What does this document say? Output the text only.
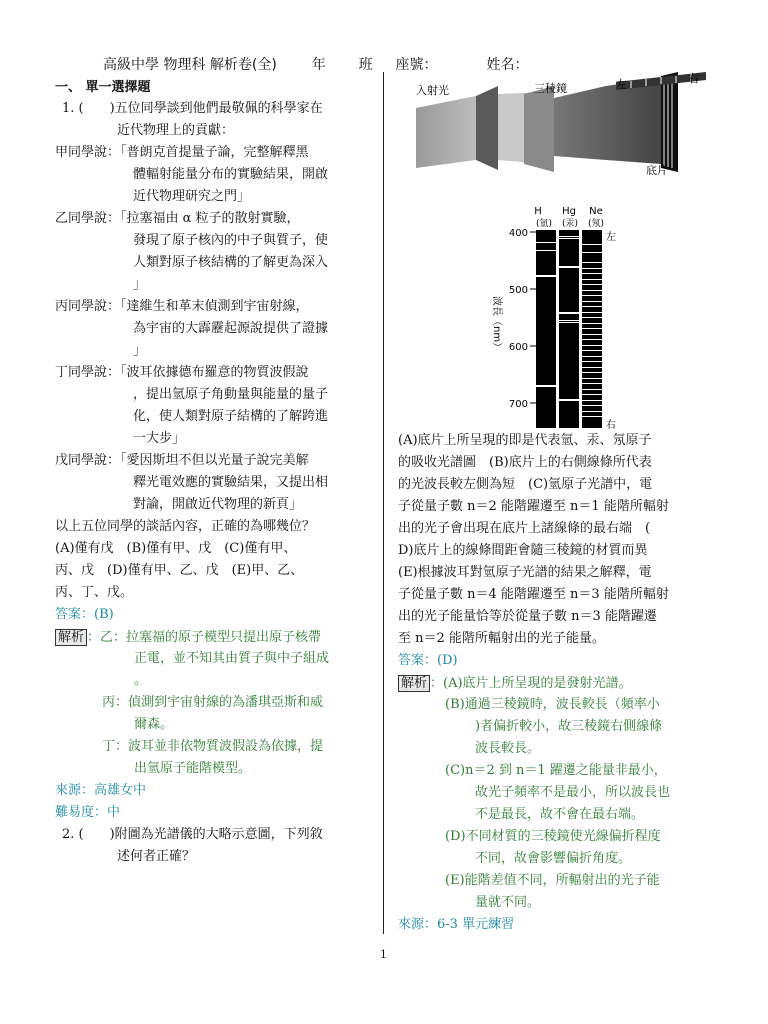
高級中學 物理科 解析卷(全) 年 班 座號：	姓名：
一、 單一選擇題
1. (　　)五位同學談到他們最敬佩的科學家在
近代物理上的貢獻：
甲同學說：「普朗克首提量子論，完整解釋黑
體輻射能量分布的實驗結果，開啟
近代物理研究之門」
乙同學說：「拉塞福由 α 粒子的散射實驗，
發現了原子核內的中子與質子，使
人類對原子核結構的了解更為深入
」
丙同學說：「達維生和革末偵測到宇宙射線，
為宇宙的大霹靂起源說提供了證據
」
丁同學說：「波耳依據德布羅意的物質波假說
，提出氫原子角動量與能量的量子
化，使人類對原子結構的了解跨進
一大步」
戊同學說：「愛因斯坦不但以光量子說完美解
釋光電效應的實驗結果，又提出相
對論，開啟近代物理的新頁」
以上五位同學的談話內容，正確的為哪幾位？
(A)僅有戊　(B)僅有甲、戊　(C)僅有甲、
丙、戊　(D)僅有甲、乙、戊　(E)甲、乙、
丙、丁、戊。
答案：(B)
解析 ：乙：拉塞福的原子模型只提出原子核帶
正電，並不知其由質子與中子組成
。
丙：偵測到宇宙射線的為潘琪亞斯和威
爾森。
丁：波耳並非依物質波假設為依據，提
出氫原子能階模型。
來源：高雄女中
難易度：中
2. (　　)附圖為光譜儀的大略示意圖，下列敘
述何者正確？
入射光	三稜鏡	左	右
底片
H Hg Ne
(氫) (汞) (氖)
400
500
600
700
波長（nm）
左
右
(A)底片上所呈現的即是代表氫、汞、氖原子
的吸收光譜圖　(B)底片上的右側線條所代表
的光波長較左側為短　(C)氫原子光譜中，電
子從量子數 n＝2 能階躍遷至 n＝1 能階所輻射
出的光子會出現在底片上諸線條的最右端　(
D)底片上的線條間距會隨三稜鏡的材質而異
(E)根據波耳對氫原子光譜的結果之解釋，電
子從量子數 n＝4 能階躍遷至 n＝3 能階所輻射
出的光子能量恰等於從量子數 n＝3 能階躍遷
至 n＝2 能階所輻射出的光子能量。
答案：(D)
解析 ：(A)底片上所呈現的是發射光譜。
(B)通過三稜鏡時，波長較長（頻率小
)者偏折較小，故三稜鏡右側線條
波長較長。
(C)n＝2 到 n＝1 躍遷之能量非最小，
故光子頻率不是最小，所以波長也
不是最長，故不會在最右端。
(D)不同材質的三稜鏡使光線偏折程度
不同，故會影響偏折角度。
(E)能階差值不同，所輻射出的光子能
量就不同。
來源：6-3 單元練習
1
